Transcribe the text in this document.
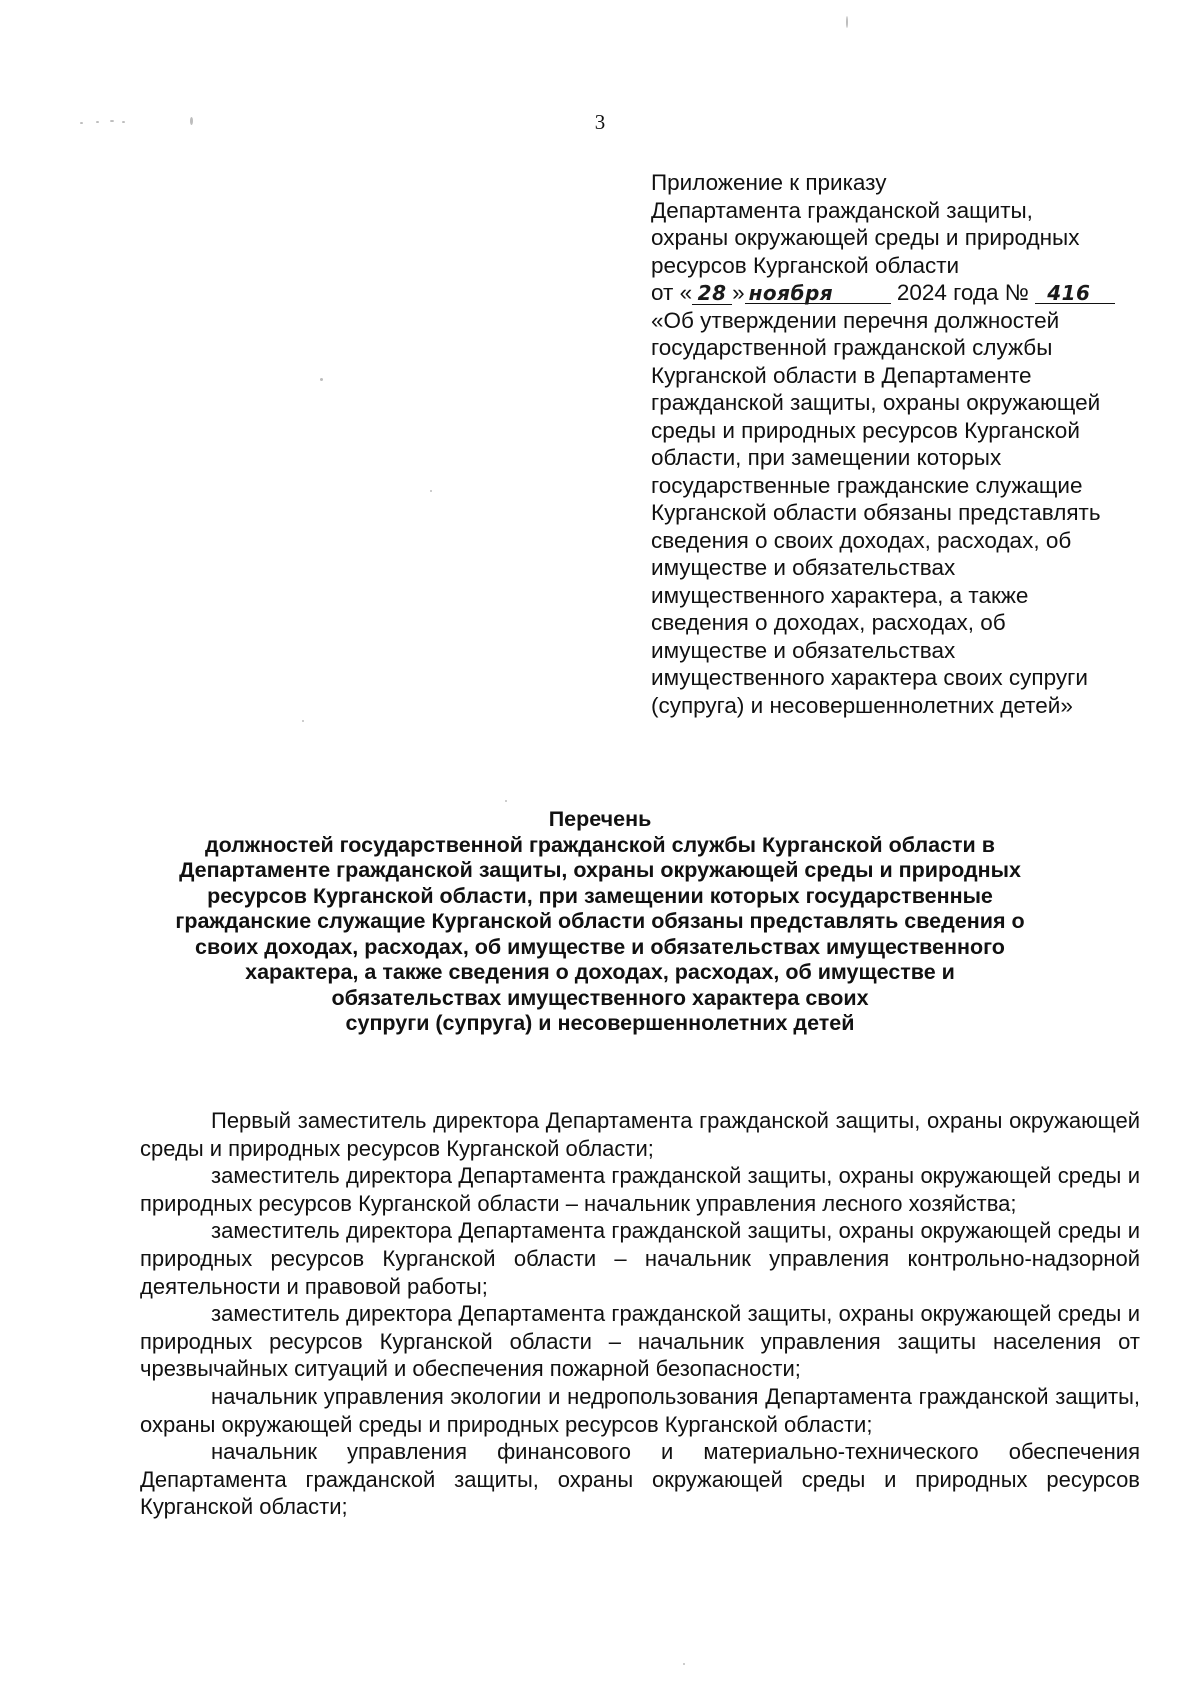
3
Приложение к приказу
Департамента гражданской защиты,
охраны окружающей среды и природных
ресурсов Курганской области
от « 28 » ноября	2024 года № 416
«Об утверждении перечня должностей
государственной гражданской службы
Курганской области в Департаменте
гражданской защиты, охраны окружающей
среды и природных ресурсов Курганской
области, при замещении которых
государственные гражданские служащие
Курганской области обязаны представлять
сведения о своих доходах, расходах, об
имуществе и обязательствах
имущественного характера, а также
сведения о доходах, расходах, об
имуществе и обязательствах
имущественного характера своих супруги
(супруга) и несовершеннолетних детей»
Перечень
должностей государственной гражданской службы Курганской области в
Департаменте гражданской защиты, охраны окружающей среды и природных
ресурсов Курганской области, при замещении которых государственные
гражданские служащие Курганской области обязаны представлять сведения о
своих доходах, расходах, об имуществе и обязательствах имущественного
характера, а также сведения о доходах, расходах, об имуществе и
обязательствах имущественного характера своих
супруги (супруга) и несовершеннолетних детей

Первый заместитель директора Департамента гражданской защиты, охраны окружающей среды и природных ресурсов Курганской области;

заместитель директора Департамента гражданской защиты, охраны окружающей среды и природных ресурсов Курганской области – начальник управления лесного хозяйства;

заместитель директора Департамента гражданской защиты, охраны окружающей среды и природных ресурсов Курганской области – начальник управления контрольно-надзорной деятельности и правовой работы;

заместитель директора Департамента гражданской защиты, охраны окружающей среды и природных ресурсов Курганской области – начальник управления защиты населения от чрезвычайных ситуаций и обеспечения пожарной безопасности;

начальник управления экологии и недропользования Департамента гражданской защиты, охраны окружающей среды и природных ресурсов Курганской области;

начальник управления финансового и материально-технического обеспечения Департамента гражданской защиты, охраны окружающей среды и природных ресурсов Курганской области;
